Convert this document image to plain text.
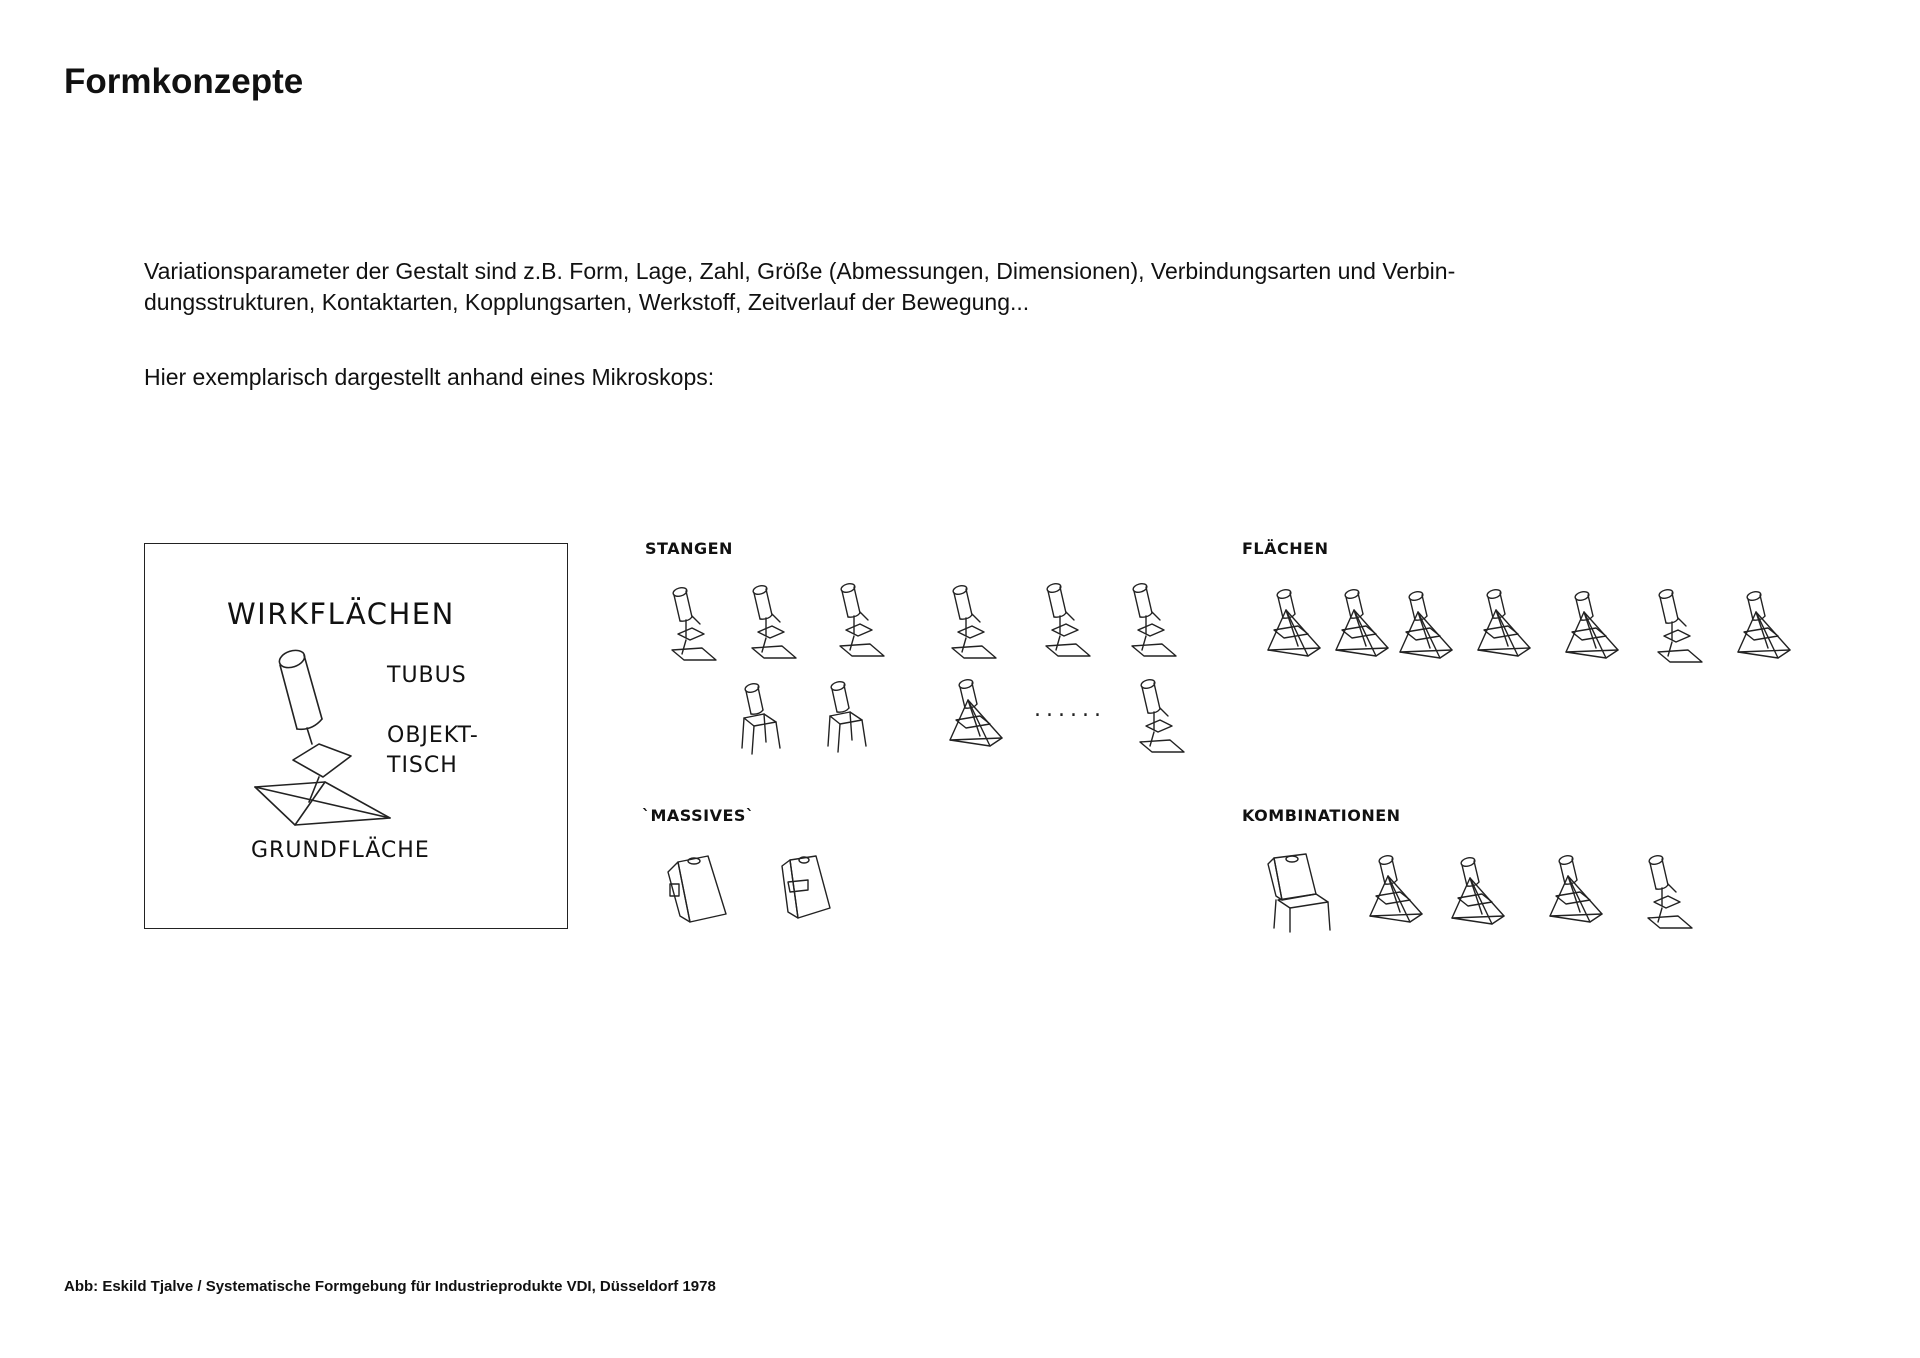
Formkonzepte

Variationsparameter der Gestalt sind z.B. Form, Lage, Zahl, Größe (Abmessungen, Dimensionen), Verbindungsarten und Verbin-
dungsstrukturen, Kontaktarten, Kopplungsarten, Werkstoff, Zeitverlauf der Bewegung...

Hier exemplarisch dargestellt anhand eines Mikroskops:

WIRKFLÄCHEN
TUBUS
OBJEKT-
TISCH
GRUNDFLÄCHE
STANGEN	FLÄCHEN
`MASSIVES`	KOMBINATIONEN
......
Abb: Eskild Tjalve / Systematische Formgebung für Industrieprodukte VDI, Düsseldorf 1978
